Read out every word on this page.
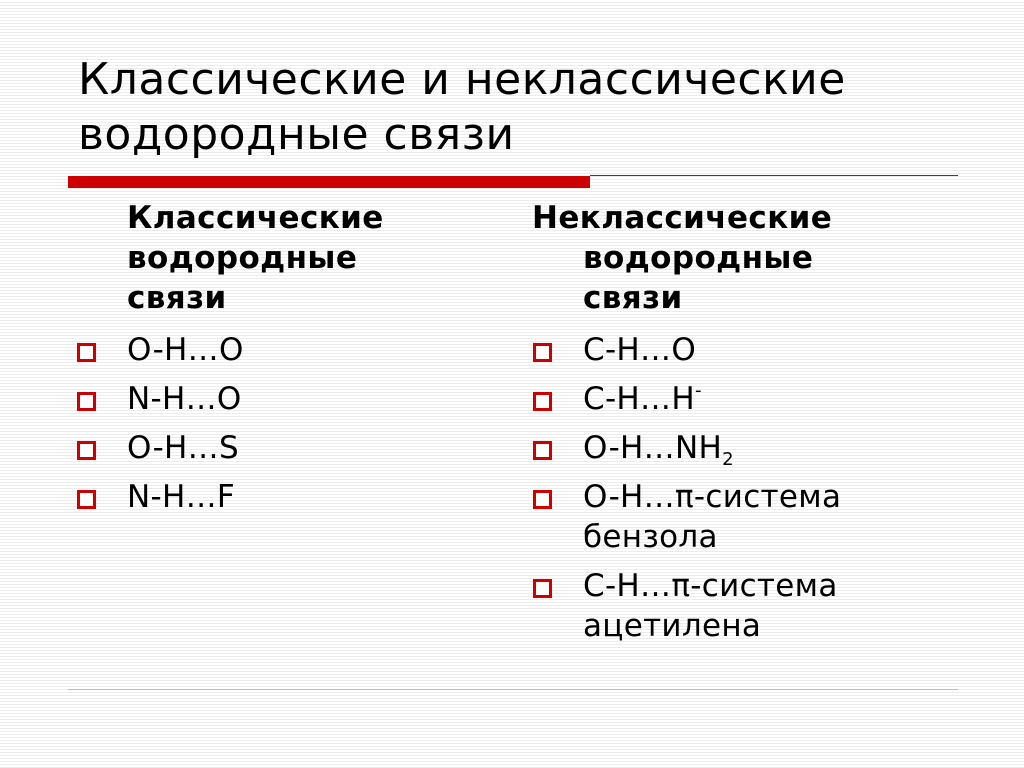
Классические и неклассические
водородные связи
Классические
водородные
связи
O-H…O
N-H…O
O-H…S
N-H…F
Неклассические
водородные
связи
C-H…O
C-H…H-
$O-H\dots NH_2$
O-H…π-система
бензола
C-H…π-система
ацетилена
